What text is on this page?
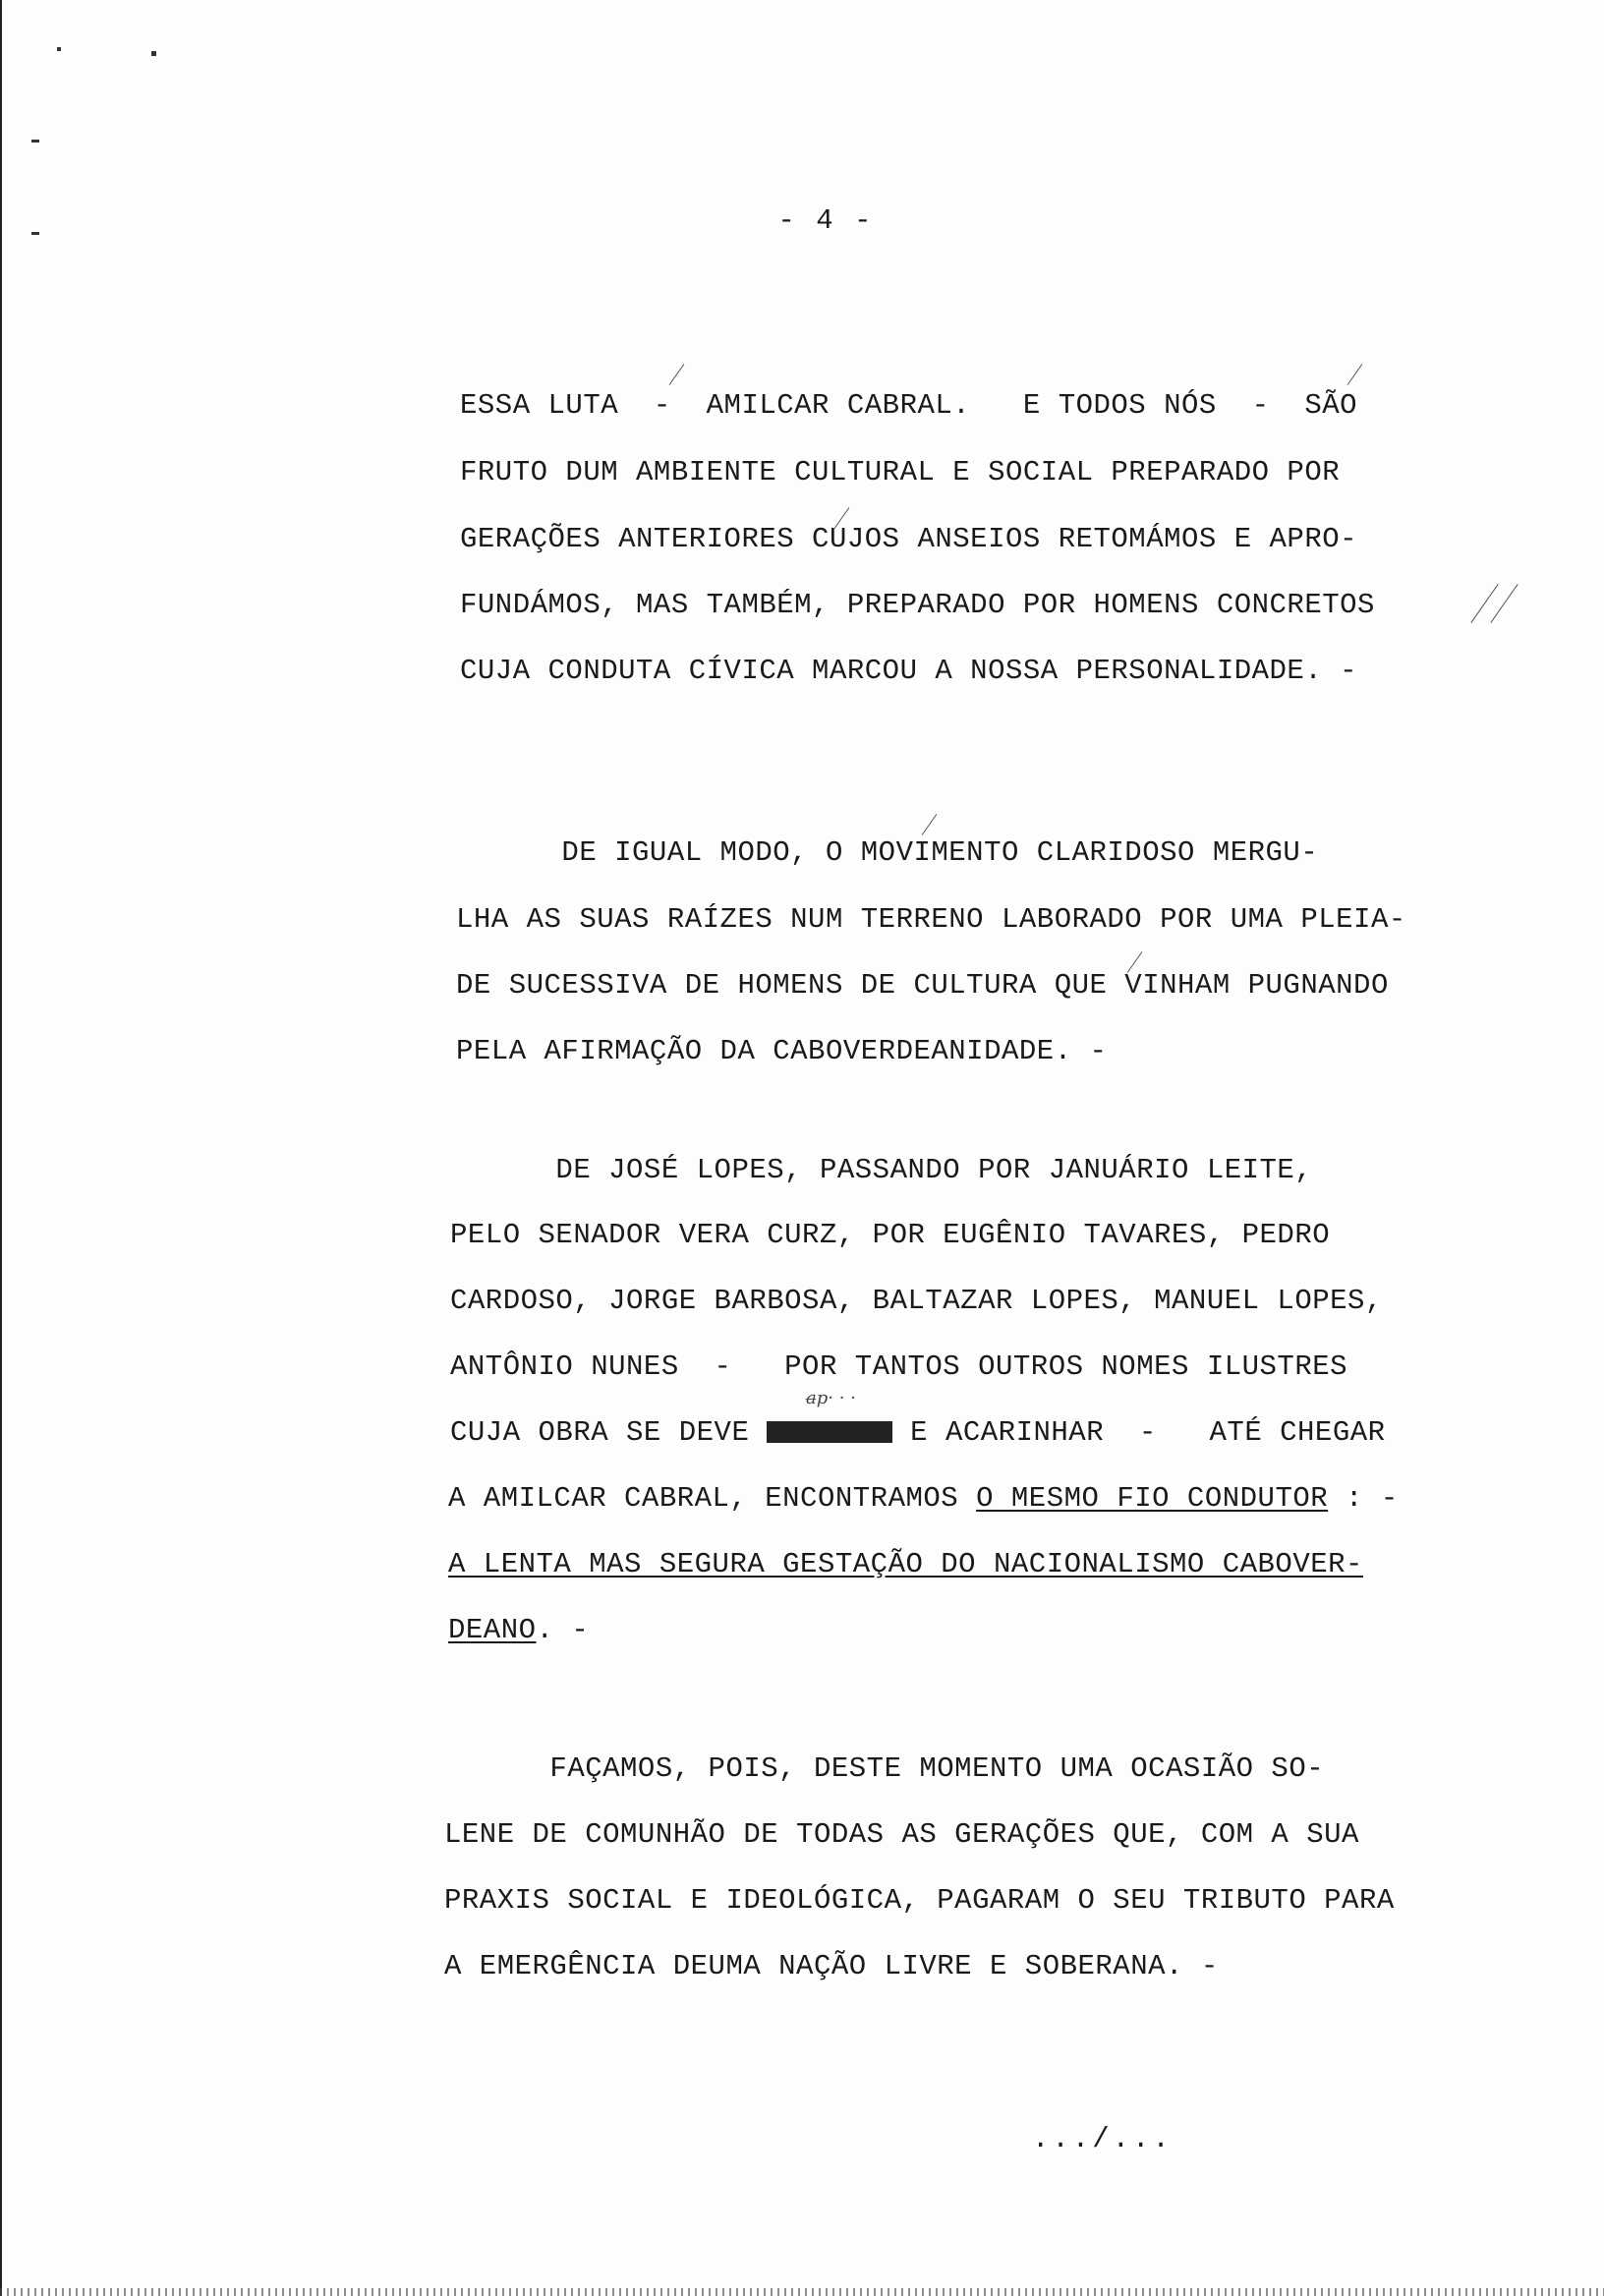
- 4 -
ESSA LUTA  -  AMILCAR CABRAL.   E TODOS NÓS  -  SÃO
FRUTO DUM AMBIENTE CULTURAL E SOCIAL PREPARADO POR
GERAÇÕES ANTERIORES CUJOS ANSEIOS RETOMÁMOS E APRO-
FUNDÁMOS, MAS TAMBÉM, PREPARADO POR HOMENS CONCRETOS
CUJA CONDUTA CÍVICA MARCOU A NOSSA PERSONALIDADE. -
DE IGUAL MODO, O MOVIMENTO CLARIDOSO MERGU-
LHA AS SUAS RAÍZES NUM TERRENO LABORADO POR UMA PLEIA-
DE SUCESSIVA DE HOMENS DE CULTURA QUE VINHAM PUGNANDO
PELA AFIRMAÇÃO DA CABOVERDEANIDADE. -
DE JOSÉ LOPES, PASSANDO POR JANUÁRIO LEITE,
PELO SENADOR VERA CURZ, POR EUGÊNIO TAVARES, PEDRO
CARDOSO, JORGE BARBOSA, BALTAZAR LOPES, MANUEL LOPES,
ANTÔNIO NUNES  -   POR TANTOS OUTROS NOMES ILUSTRES
a̶p· · ·
CUJA OBRA SE DEVE	E ACARINHAR  -   ATÉ CHEGAR
A AMILCAR CABRAL, ENCONTRAMOS O MESMO FIO CONDUTOR : -
A LENTA MAS SEGURA GESTAÇÃO DO NACIONALISMO CABOVER-
DEANO. -
FAÇAMOS, POIS, DESTE MOMENTO UMA OCASIÃO SO-
LENE DE COMUNHÃO DE TODAS AS GERAÇÕES QUE, COM A SUA
PRAXIS SOCIAL E IDEOLÓGICA, PAGARAM O SEU TRIBUTO PARA
A EMERGÊNCIA DEUMA NAÇÃO LIVRE E SOBERANA. -
.../...
